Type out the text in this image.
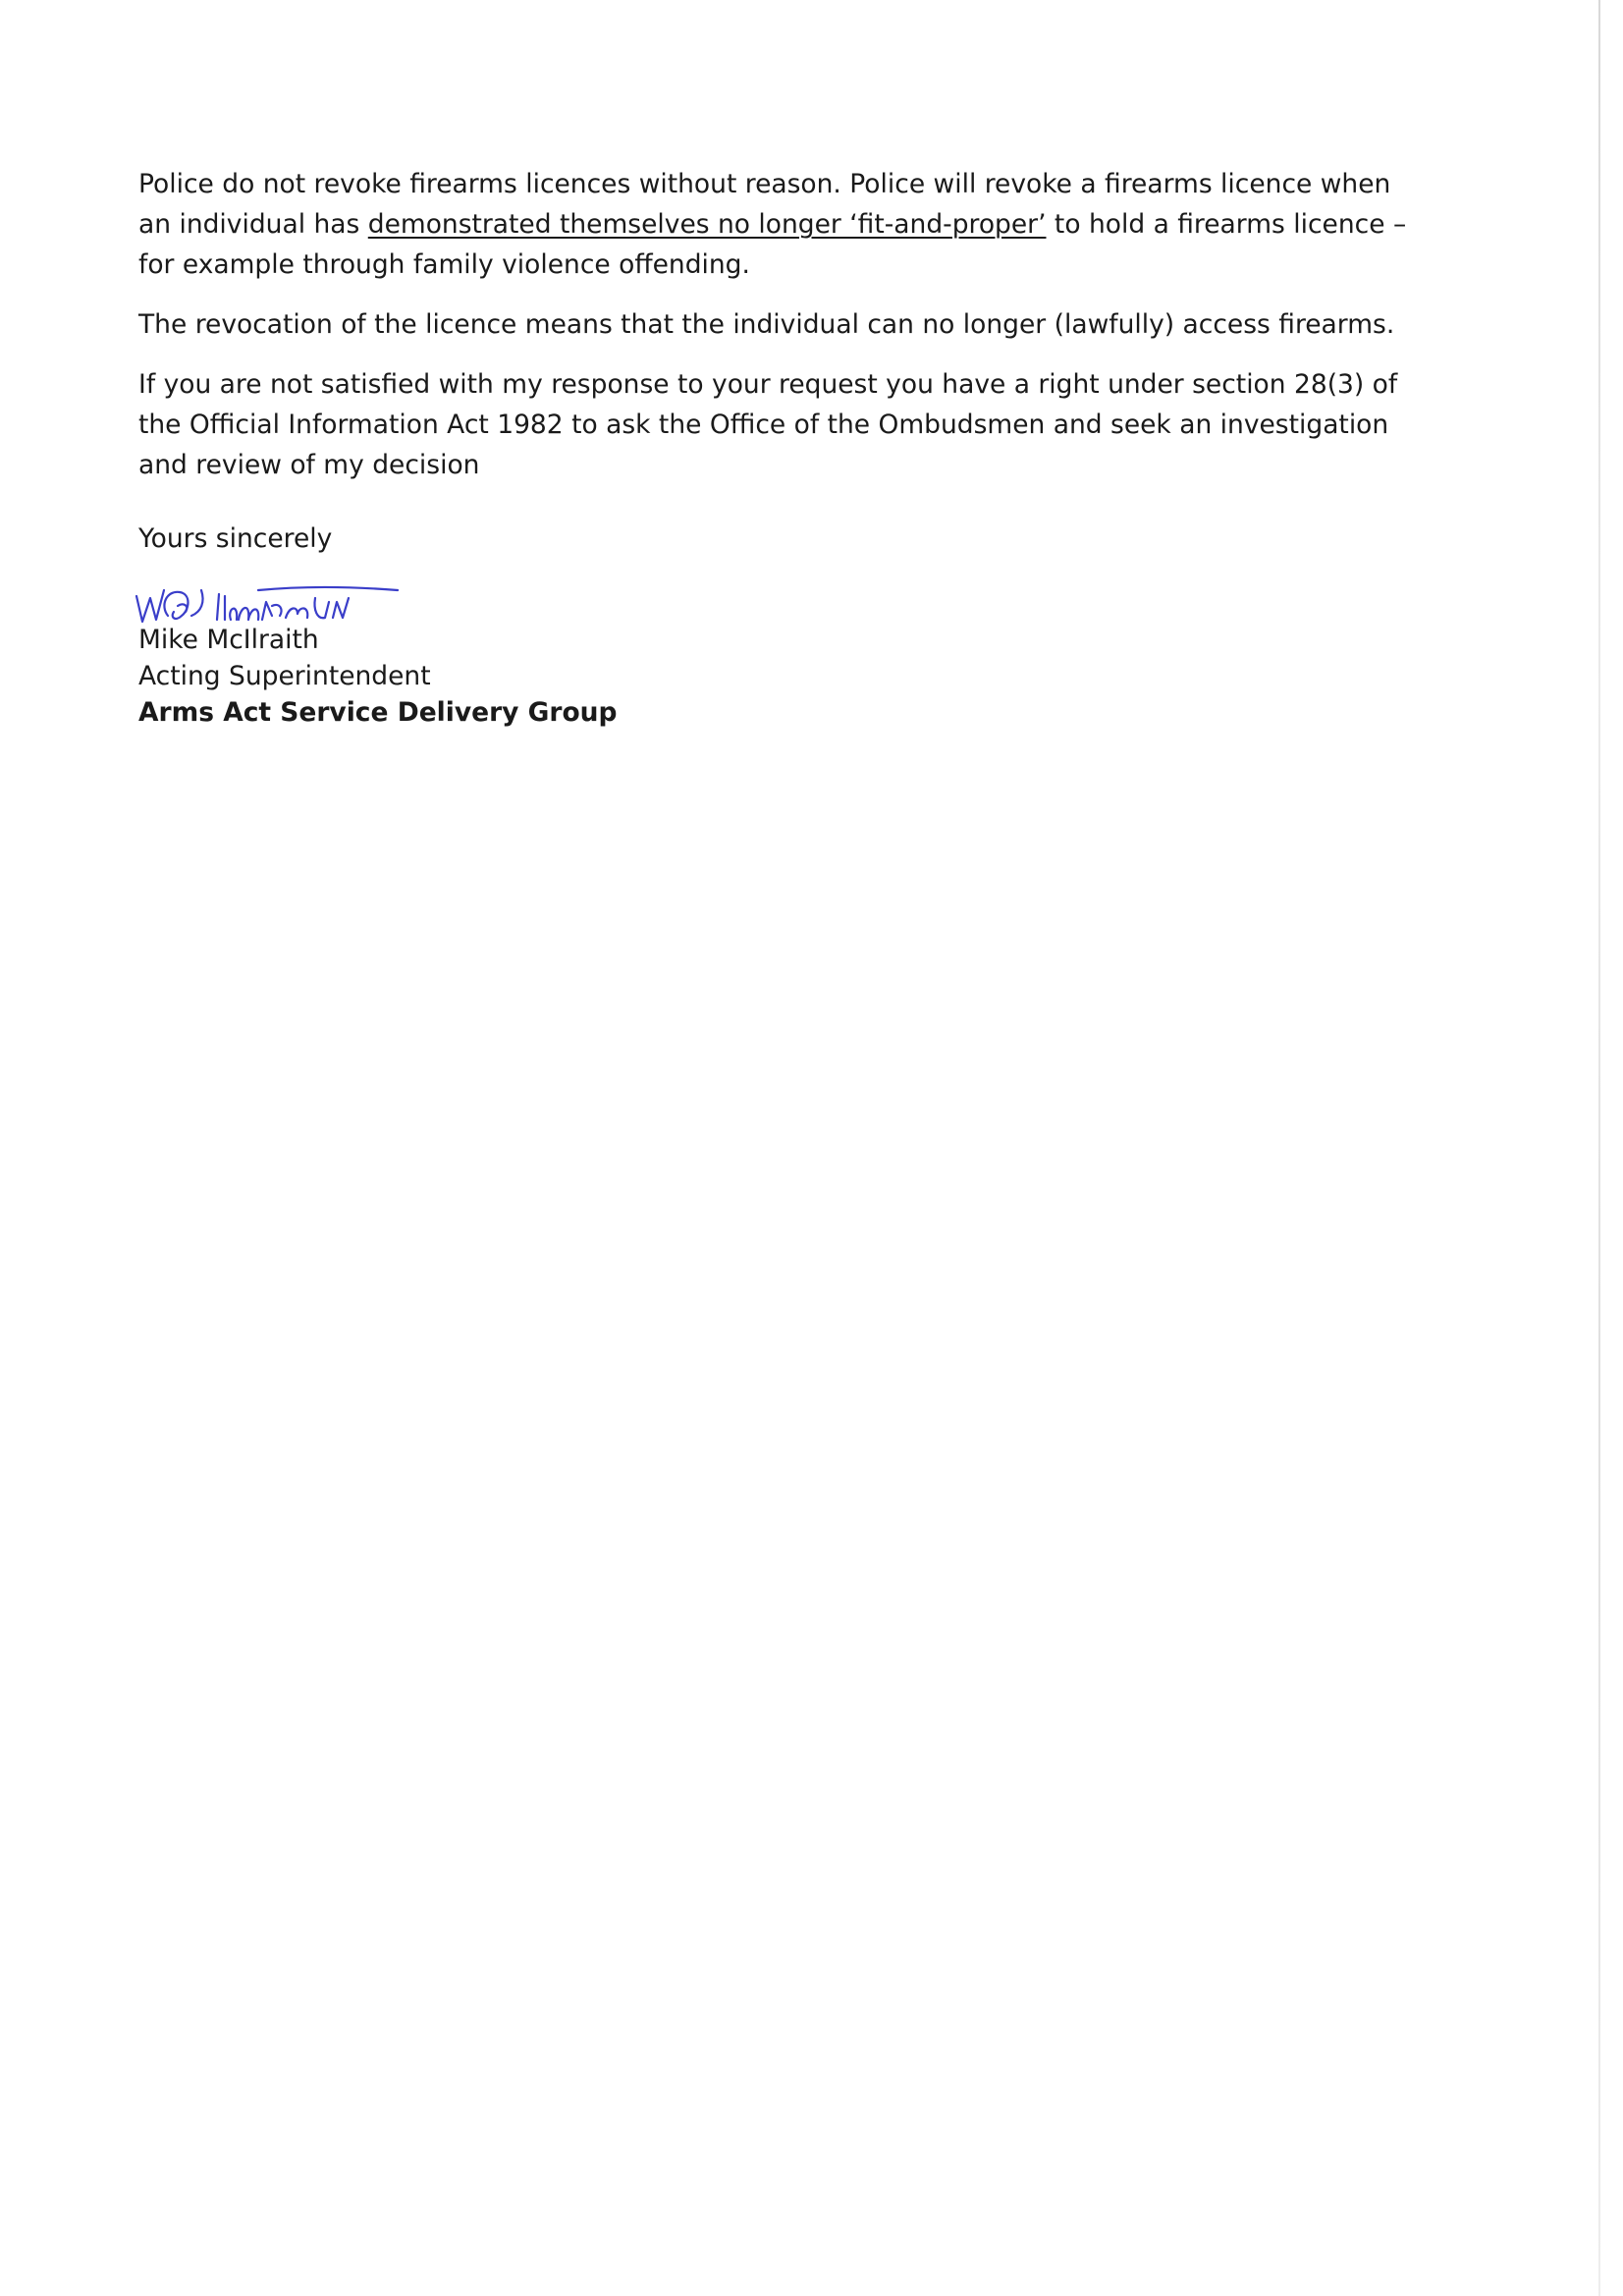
Police do not revoke firearms licences without reason. Police will revoke a firearms licence when an individual has demonstrated themselves no longer ‘fit-and-proper’ to hold a firearms licence – for example through family violence offending.

The revocation of the licence means that the individual can no longer (lawfully) access firearms.

If you are not satisfied with my response to your request you have a right under section 28(3) of the Official Information Act 1982 to ask the Office of the Ombudsmen and seek an investigation and review of my decision

Yours sincerely

Mike McIlraith

Acting Superintendent

Arms Act Service Delivery Group
